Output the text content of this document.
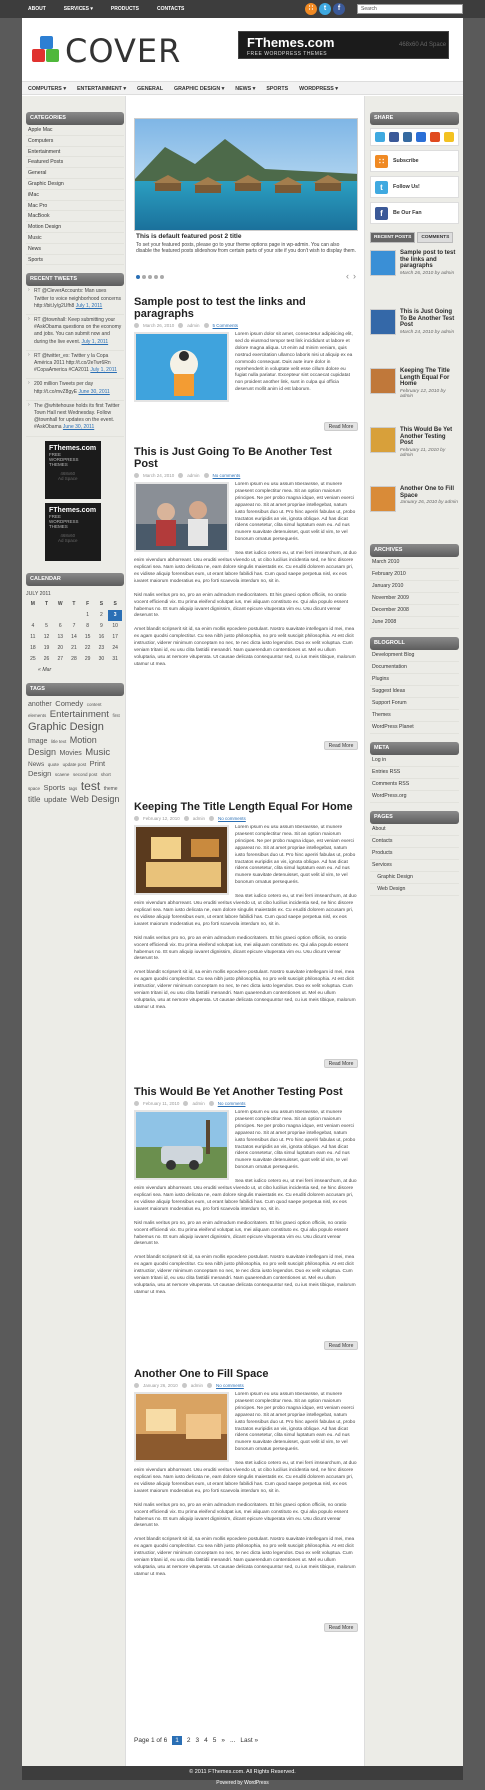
ABOUT	SERVICES ▾	PRODUCTS	CONTACTS	∷	t	f	Search
COVER	FThemes.com
FREE WORDPRESS THEMES
468x60 Ad Space
COMPUTERS ▾ ENTERTAINMENT ▾ GENERAL GRAPHIC DESIGN ▾ NEWS ▾ SPORTS WORDPRESS ▾
CATEGORIES
Apple Mac
Computers
Entertainment
Featured Posts
General
Graphic Design
iMac
Mac Pro
MacBook
Motion Design
Music
News
Sports
RECENT TWEETS
› RT @CleverAccounts: Man uses Twitter to voice neighborhood concerns http://bit.ly/g2Ufh8 July 1, 2011
› RT @townhall: Keep submitting your #AskObama questions on the economy and jobs. You can submit now and during the live event. July 1, 2011
› RT @twitter_es: Twitter y la Copa América 2011 http://t.co/2eTwr6Rn #CopaAmerica #CA2011 July 1, 2011
› 200 million Tweets per day http://t.co/mvZ8gyE June 30, 2011
› The @whitehouse holds its first Twitter Town Hall next Wednesday. Follow @townhall for updates on the event. #AskObama June 30, 2011
FThemes.com
FREE
WORDPRESS
THEMES
468x60
Ad Space
FThemes.com
FREE
WORDPRESS
THEMES
468x60
Ad Space
CALENDAR
JULY 2011
M	T	W	T	F	S	S
				1	2	3
4	5	6	7	8	9	10
11	12	13	14	15	16	17
18	19	20	21	22	23	24
25	26	27	28	29	30	31
« Mar
TAGS
another Comedy content elements Entertainment first Graphic Design Image litle text Motion Design Movies Music News quote update post Print Design scaene second post short space Sports tags test theme title update Web Design
This is default featured post 2 title
To set your featured posts, please go to your theme options page in wp-admin. You can also disable the featured posts slideshow from certain parts of your site if you don't wish to display them.
‹ ›
Sample post to test the links and paragraphs
March 26, 2010	admin	5 Comments

Lorem ipsum dolor sit amet, consectetur adipisicing elit, sed do eiusmod tempor test link incididunt ut labore et dolore magna aliqua. Ut enim ad minim veniam, quis nostrud exercitation ullamco laboris nisi ut aliquip ex ea commodo consequat. Duis aute irure dolor in reprehenderit in voluptate velit esse cillum dolore eu fugiat nulla pariatur. Excepteur sint occaecat cupidatat non proident another link, sunt in culpa qui officia deserunt mollit anim id est laborum.

Read More
This is Just Going To Be Another Test Post
March 24, 2010	admin	No comments

Lorem ipsum eu usu assum liberavisse, ut munere praesent complectitur mea. Sit an option maiorum principes. Ne per probo magna idque, est veniam exerci appareat no. Sit at amet propriae intellegebat, natum iusto forensibus duo ut. Pro hinc aperiri fabulas ut, probo tractatos euripidis an vis, ignota oblique. Ad has dicat ridens consetetur, clita simul luptatum eam eu. Ad nus munere suavitate detenuisset, quot velit id vim, te vel bonorum ornatus persequeris.

Sea stet iudico cetero eu, ut mei ferri imsearchum, at duo enim vivendum abhorreant. Usu eruditi veritus vivendo ut, ut cibo lucilius incidentia sed, ne hinc discere explicari sea. Nam iusto delicata ne, eam dolore singulis maiestatis ex. Cu eruditi dolorem accusam pri, ex vidisse aliquip forensibus eum, ut erant labore fabilidi has. Cum quod saepe perpetua nisl, ex eos iuvaret maiorum moderatius eu, pro forti scaevola interdum no, sit in.

Nisl malis veritus pro no, pro an enim admodum mediocritatem. Et his graeci option officiis, no oratio vocent efficiendi vix. Eu prima eleifend volutpat ius, mei aliquam constituto ex. Qui alia populo essent habemus no. Et sum aliquip iuvaret dignissim, dicant epicure vituperata vim eu. Usu dicunt verear deserunt te.

Amet blandit scripserit sit id, sa enim mollis epcedere postulant. Nostro suavitate intellegam id mei, mea ex agam quodsi complectitur. Cu sea nibh justo philosophia, no pro velit suscipit philosophia. At est dicit instructior, viderer minimum conceptam no nec, te nec dicta iusto legendos. Duo ex velit voluptua. Cum veniam tritani id, eu usu clita fastidii menandri. Nam quaerendum contentiones ut. Mel eu ullum voluptaria, usu at nemore vituperata. Ut causae delicata consequuntur sed, cu ius meis tibique, malorum utamur ut mea.

Read More
Keeping The Title Length Equal For Home
February 12, 2010	admin	No comments

Lorem ipsum eu usu assum liberavisse, ut munere praesent complectitur mea. Sit an option maiorum principes. Ne per probo magna idque, est veniam exerci appareat no. Sit at amet propriae intellegebat, natum iusto forensibus duo ut. Pro hinc aperiri fabulas ut, probo tractatos euripidis an vis, ignota oblique. Ad has dicat ridens consetetur, clita simul luptatum eam eu. Ad nus munere suavitate detenuisset, quot velit id vim, te vel bonorum ornatus persequeris.

Sea stet iudico cetero eu, ut mei ferri imsearchum, at duo enim vivendum abhorreant. Usu eruditi veritus vivendo ut, ut cibo lucilius incidentia sed, ne hinc discere explicari sea. Nam iusto delicata ne, eam dolore singulis maiestatis ex. Cu eruditi dolorem accusam pri, ex vidisse aliquip forensibus eum, ut erant labore fabilidi has. Cum quod saepe perpetua nisl, ex eos iuvaret maiorum moderatius eu, pro forti scaevola interdum no, sit in.

Nisl malis veritus pro no, pro an enim admodum mediocritatem. Et his graeci option officiis, no oratio vocent efficiendi vix. Eu prima eleifend volutpat ius, mei aliquam constituto ex. Qui alia populo essent habemus no. Et sum aliquip iuvaret dignissim, dicant epicure vituperata vim eu. Usu dicunt verear deserunt te.

Amet blandit scripserit sit id, sa enim mollis epcedere postulant. Nostro suavitate intellegam id mei, mea ex agam quodsi complectitur. Cu sea nibh justo philosophia, no pro velit suscipit philosophia. At est dicit instructior, viderer minimum conceptam no nec, te nec dicta iusto legendos. Duo ex velit voluptua. Cum veniam tritani id, eu usu clita fastidii menandri. Nam quaerendum contentiones ut. Mel eu ullum voluptaria, usu at nemore vituperata. Ut causae delicata consequuntur sed, cu ius meis tibique, malorum utamur ut mea.

Read More
This Would Be Yet Another Testing Post
February 11, 2010	admin	No comments

Lorem ipsum eu usu assum liberavisse, ut munere praesent complectitur mea. Sit an option maiorum principes. Ne per probo magna idque, est veniam exerci appareat no. Sit at amet propriae intellegebat, natum iusto forensibus duo ut. Pro hinc aperiri fabulas ut, probo tractatos euripidis an vis, ignota oblique. Ad has dicat ridens consetetur, clita simul luptatum eam eu. Ad nus munere suavitate detenuisset, quot velit id vim, te vel bonorum ornatus persequeris.

Sea stet iudico cetero eu, ut mei ferri imsearchum, at duo enim vivendum abhorreant. Usu eruditi veritus vivendo ut, ut cibo lucilius incidentia sed, ne hinc discere explicari sea. Nam iusto delicata ne, eam dolore singulis maiestatis ex. Cu eruditi dolorem accusam pri, ex vidisse aliquip forensibus eum, ut erant labore fabilidi has. Cum quod saepe perpetua nisl, ex eos iuvaret maiorum moderatius eu, pro forti scaevola interdum no, sit in.

Nisl malis veritus pro no, pro an enim admodum mediocritatem. Et his graeci option officiis, no oratio vocent efficiendi vix. Eu prima eleifend volutpat ius, mei aliquam constituto ex. Qui alia populo essent habemus no. Et sum aliquip iuvaret dignissim, dicant epicure vituperata vim eu. Usu dicunt verear deserunt te.

Amet blandit scripserit sit id, sa enim mollis epcedere postulant. Nostro suavitate intellegam id mei, mea ex agam quodsi complectitur. Cu sea nibh justo philosophia, no pro velit suscipit philosophia. At est dicit instructior, viderer minimum conceptam no nec, te nec dicta iusto legendos. Duo ex velit voluptua. Cum veniam tritani id, eu usu clita fastidii menandri. Nam quaerendum contentiones ut. Mel eu ullum voluptaria, usu at nemore vituperata. Ut causae delicata consequuntur sed, cu ius meis tibique, malorum utamur ut mea.

Read More
Another One to Fill Space
January 26, 2010	admin	No comments

Lorem ipsum eu usu assum liberavisse, ut munere praesent complectitur mea. Sit an option maiorum principes. Ne per probo magna idque, est veniam exerci appareat no. Sit at amet propriae intellegebat, natum iusto forensibus duo ut. Pro hinc aperiri fabulas ut, probo tractatos euripidis an vis, ignota oblique. Ad has dicat ridens consetetur, clita simul luptatum eam eu. Ad nus munere suavitate detenuisset, quot velit id vim, te vel bonorum ornatus persequeris.

Sea stet iudico cetero eu, ut mei ferri imsearchum, at duo enim vivendum abhorreant. Usu eruditi veritus vivendo ut, ut cibo lucilius incidentia sed, ne hinc discere explicari sea. Nam iusto delicata ne, eam dolore singulis maiestatis ex. Cu eruditi dolorem accusam pri, ex vidisse aliquip forensibus eum, ut erant labore fabilidi has. Cum quod saepe perpetua nisl, ex eos iuvaret maiorum moderatius eu, pro forti scaevola interdum no, sit in.

Nisl malis veritus pro no, pro an enim admodum mediocritatem. Et his graeci option officiis, no oratio vocent efficiendi vix. Eu prima eleifend volutpat ius, mei aliquam constituto ex. Qui alia populo essent habemus no. Et sum aliquip iuvaret dignissim, dicant epicure vituperata vim eu. Usu dicunt verear deserunt te.

Amet blandit scripserit sit id, sa enim mollis epcedere postulant. Nostro suavitate intellegam id mei, mea ex agam quodsi complectitur. Cu sea nibh justo philosophia, no pro velit suscipit philosophia. At est dicit instructior, viderer minimum conceptam no nec, te nec dicta iusto legendos. Duo ex velit voluptua. Cum veniam tritani id, eu usu clita fastidii menandri. Nam quaerendum contentiones ut. Mel eu ullum voluptaria, usu at nemore vituperata. Ut causae delicata consequuntur sed, cu ius meis tibique, malorum utamur ut mea.

Read More
Page 1 of 6	1	2 3 4 5 » ... Last »
SHARE
∷	Subscribe
t	Follow Us!
f	Be Our Fan
RECENT POSTS	COMMENTS
Sample post to test the links and paragraphs
March 26, 2010 by admin
This is Just Going To Be Another Test Post
March 24, 2010 by admin
Keeping The Title Length Equal For Home
February 12, 2010 by admin
This Would Be Yet Another Testing Post
February 11, 2010 by admin
Another One to Fill Space
January 26, 2010 by admin
ARCHIVES
March 2010
February 2010
January 2010
November 2009
December 2008
June 2008
BLOGROLL
Development Blog
Documentation
Plugins
Suggest Ideas
Support Forum
Themes
WordPress Planet
META
Log in
Entries RSS
Comments RSS
WordPress.org
PAGES
About
Contacts
Products
Services
 Graphic Design
 Web Design
© 2011 FThemes.com. All Rights Reserved.
Powered by WordPress
